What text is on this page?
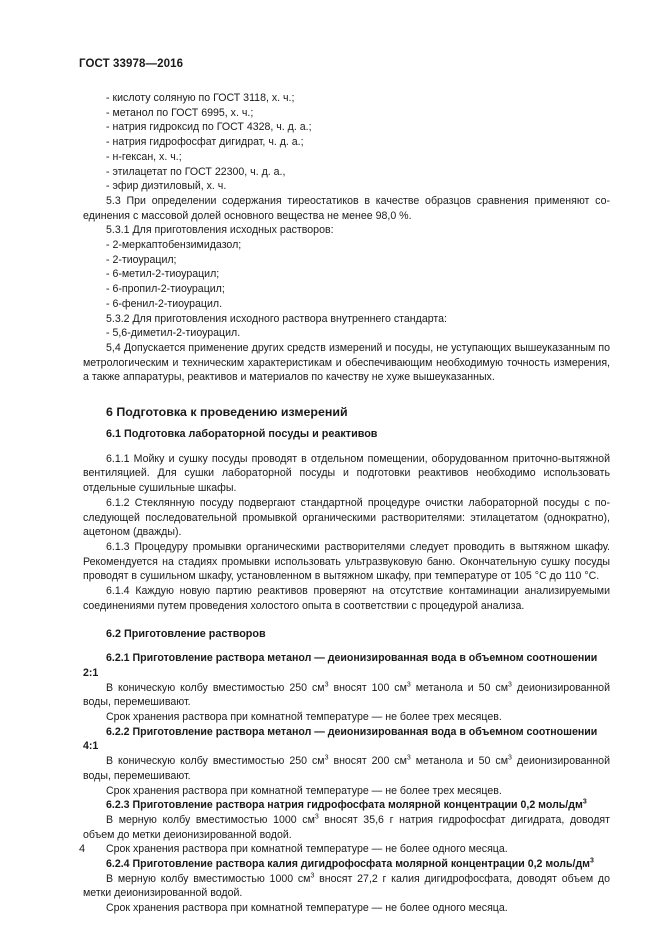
ГОСТ 33978—2016

- кислоту соляную по ГОСТ 3118, х. ч.;

- метанол по ГОСТ 6995, х. ч.;

- натрия гидроксид по ГОСТ 4328, ч. д. а.;

- натрия гидрофосфат дигидрат, ч. д. а.;

- н-гексан, х. ч.;

- этилацетат по ГОСТ 22300, ч. д. а.,

- эфир диэтиловый, х. ч.

5.3 При определении содержания тиреостатиков в качестве образцов сравнения применяют соединения с массовой долей основного вещества не менее 98,0 %.

5.3.1 Для приготовления исходных растворов:

- 2-меркаптобензимидазол;

- 2-тиоурацил;

- 6-метил-2-тиоурацил;

- 6-пропил-2-тиоурацил;

- 6-фенил-2-тиоурацил.

5.3.2 Для приготовления исходного раствора внутреннего стандарта:

- 5,6-диметил-2-тиоурацил.

5,4 Допускается применение других средств измерений и посуды, не уступающих вышеуказанным по метрологическим и техническим характеристикам и обеспечивающим необходимую точность измерения, а также аппаратуры, реактивов и материалов по качеству не хуже вышеуказанных.

6 Подготовка к проведению измерений
6.1 Подготовка лабораторной посуды и реактивов

6.1.1 Мойку и сушку посуды проводят в отдельном помещении, оборудованном приточно-вытяжной вентиляцией. Для сушки лабораторной посуды и подготовки реактивов необходимо использовать отдельные сушильные шкафы.

6.1.2 Стеклянную посуду подвергают стандартной процедуре очистки лабораторной посуды с последующей последовательной промывкой органическими растворителями: этилацетатом (однократно), ацетоном (дважды).

6.1.3 Процедуру промывки органическими растворителями следует проводить в вытяжном шкафу. Рекомендуется на стадиях промывки использовать ультразвуковую баню. Окончательную сушку посуды проводят в сушильном шкафу, установленном в вытяжном шкафу, при температуре от 105 °С до 110 °С.

6.1.4 Каждую новую партию реактивов проверяют на отсутствие контаминации анализируемыми соединениями путем проведения холостого опыта в соответствии с процедурой анализа.

6.2 Приготовление растворов

6.2.1 Приготовление раствора метанол — деионизированная вода в объемном соотношении 2:1

В коническую колбу вместимостью 250 $см^3$ вносят 100 $см^3$ метанола и 50 $см^3$ деионизированной воды, перемешивают.

Срок хранения раствора при комнатной температуре — не более трех месяцев.

6.2.2 Приготовление раствора метанол — деионизированная вода в объемном соотношении 4:1

В коническую колбу вместимостью 250 $см^3$ вносят 200 $см^3$ метанола и 50 $см^3$ деионизированной воды, перемешивают.

Срок хранения раствора при комнатной температуре — не более трех месяцев.

6.2.3 Приготовление раствора натрия гидрофосфата молярной концентрации 0,2 моль/$дм^3$

В мерную колбу вместимостью 1000 $см^3$ вносят 35,6 г натрия гидрофосфат дигидрата, доводят объем до метки деионизированной водой.

Срок хранения раствора при комнатной температуре — не более одного месяца.

6.2.4 Приготовление раствора калия дигидрофосфата молярной концентрации 0,2 моль/$дм^3$

В мерную колбу вместимостью 1000 $см^3$ вносят 27,2 г калия дигидрофосфата, доводят объем до метки деионизированной водой.

Срок хранения раствора при комнатной температуре — не более одного месяца.

4
